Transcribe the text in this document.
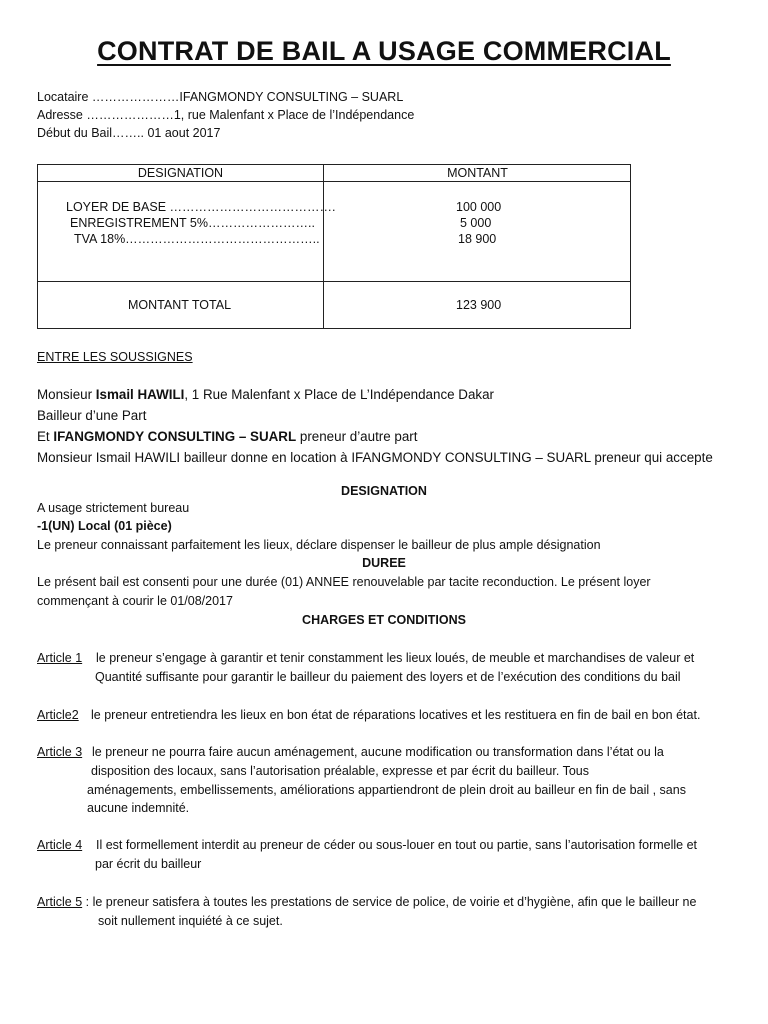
CONTRAT DE BAIL A USAGE COMMERCIAL
Locataire …………………IFANGMONDY CONSULTING – SUARL
Adresse …………………1, rue Malenfant x Place de l’Indépendance
Début du Bail…….. 01 aout 2017
DESIGNATION	MONTANT
LOYER DE BASE ………………………………….
ENREGISTREMENT 5%……………………..
TVA 18%………………………………………..
100 000
5 000
18 900
MONTANT TOTAL	123 900
ENTRE LES SOUSSIGNES
Monsieur Ismail HAWILI, 1 Rue Malenfant x Place de L’Indépendance Dakar
Bailleur d’une Part
Et IFANGMONDY CONSULTING – SUARL preneur d’autre part
Monsieur Ismail HAWILI bailleur donne en location à IFANGMONDY CONSULTING – SUARL preneur qui accepte
DESIGNATION
A usage strictement bureau
-1(UN) Local (01 pièce)
Le preneur connaissant parfaitement les lieux, déclare dispenser le bailleur de plus ample désignation
DUREE
Le présent bail est consenti pour une durée (01) ANNEE renouvelable par tacite reconduction. Le présent loyer
commençant à courir le 01/08/2017
CHARGES ET CONDITIONS
Article 1 le preneur s’engage à garantir et tenir constamment les lieux loués, de meuble et marchandises de valeur et
Quantité suffisante pour garantir le bailleur du paiement des loyers et de l’exécution des conditions du bail
Article2 le preneur entretiendra les lieux en bon état de réparations locatives et les restituera en fin de bail en bon état.
Article 3 le preneur ne pourra faire aucun aménagement, aucune modification ou transformation dans l’état ou la
disposition des locaux, sans l’autorisation préalable, expresse et par écrit du bailleur. Tous
aménagements, embellissements, améliorations appartiendront de plein droit au bailleur en fin de bail , sans
aucune indemnité.
Article 4 Il est formellement interdit au preneur de céder ou sous-louer en tout ou partie, sans l’autorisation formelle et
par écrit du bailleur
Article 5 : le preneur satisfera à toutes les prestations de service de police, de voirie et d’hygiène, afin que le bailleur ne
soit nullement inquiété à ce sujet.
